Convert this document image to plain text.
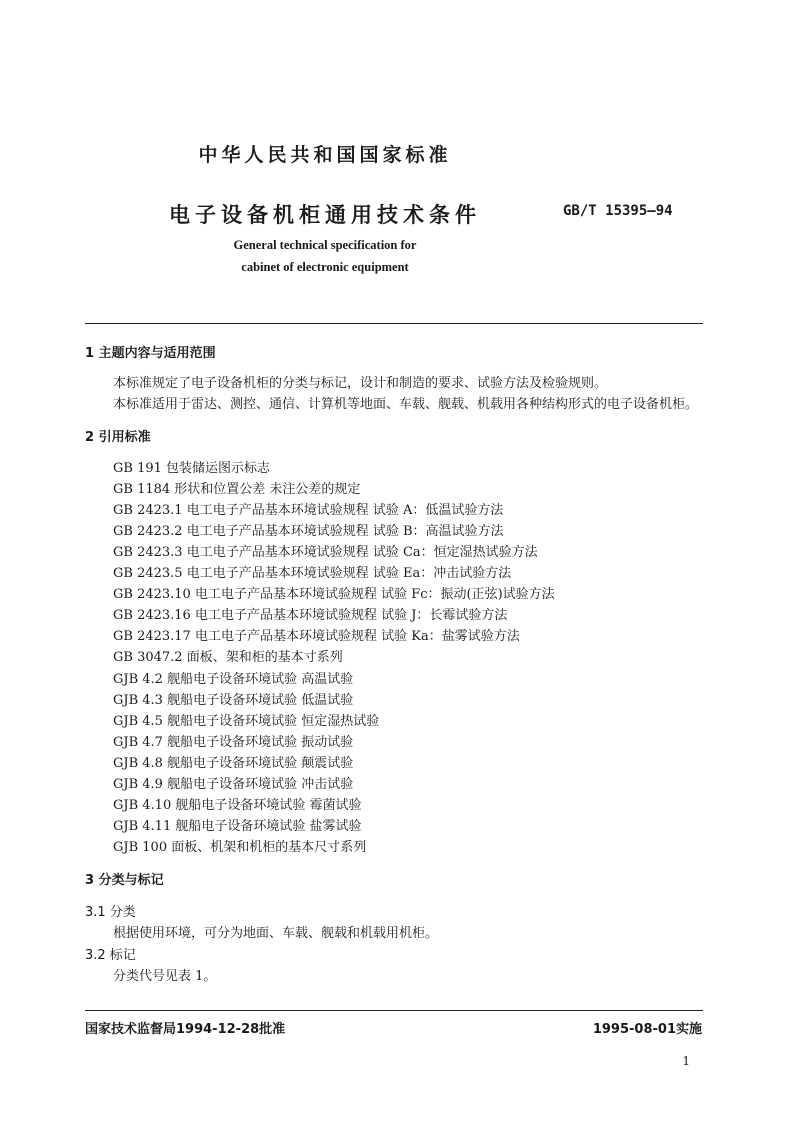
中华人民共和国国家标准
电子设备机柜通用技术条件	GB/T 15395—94
General technical specification for
cabinet of electronic equipment
1 主题内容与适用范围
本标准规定了电子设备机柜的分类与标记，设计和制造的要求、试验方法及检验规则。
本标准适用于雷达、测控、通信、计算机等地面、车载、舰载、机载用各种结构形式的电子设备机柜。
2 引用标准
GB 191 包装储运图示标志
GB 1184 形状和位置公差 未注公差的规定
GB 2423.1 电工电子产品基本环境试验规程 试验 A：低温试验方法
GB 2423.2 电工电子产品基本环境试验规程 试验 B：高温试验方法
GB 2423.3 电工电子产品基本环境试验规程 试验 Ca：恒定湿热试验方法
GB 2423.5 电工电子产品基本环境试验规程 试验 Ea：冲击试验方法
GB 2423.10 电工电子产品基本环境试验规程 试验 Fc：振动(正弦)试验方法
GB 2423.16 电工电子产品基本环境试验规程 试验 J：长霉试验方法
GB 2423.17 电工电子产品基本环境试验规程 试验 Ka：盐雾试验方法
GB 3047.2 面板、架和柜的基本寸系列
GJB 4.2 舰船电子设备环境试验 高温试验
GJB 4.3 舰船电子设备环境试验 低温试验
GJB 4.5 舰船电子设备环境试验 恒定湿热试验
GJB 4.7 舰船电子设备环境试验 振动试验
GJB 4.8 舰船电子设备环境试验 颠震试验
GJB 4.9 舰船电子设备环境试验 冲击试验
GJB 4.10 舰船电子设备环境试验 霉菌试验
GJB 4.11 舰船电子设备环境试验 盐雾试验
GJB 100 面板、机架和机柜的基本尺寸系列
3 分类与标记
3.1 分类
根据使用环境，可分为地面、车载、舰载和机载用机柜。
3.2 标记
分类代号见表 1。
国家技术监督局1994-12-28批准	1995-08-01实施
1
